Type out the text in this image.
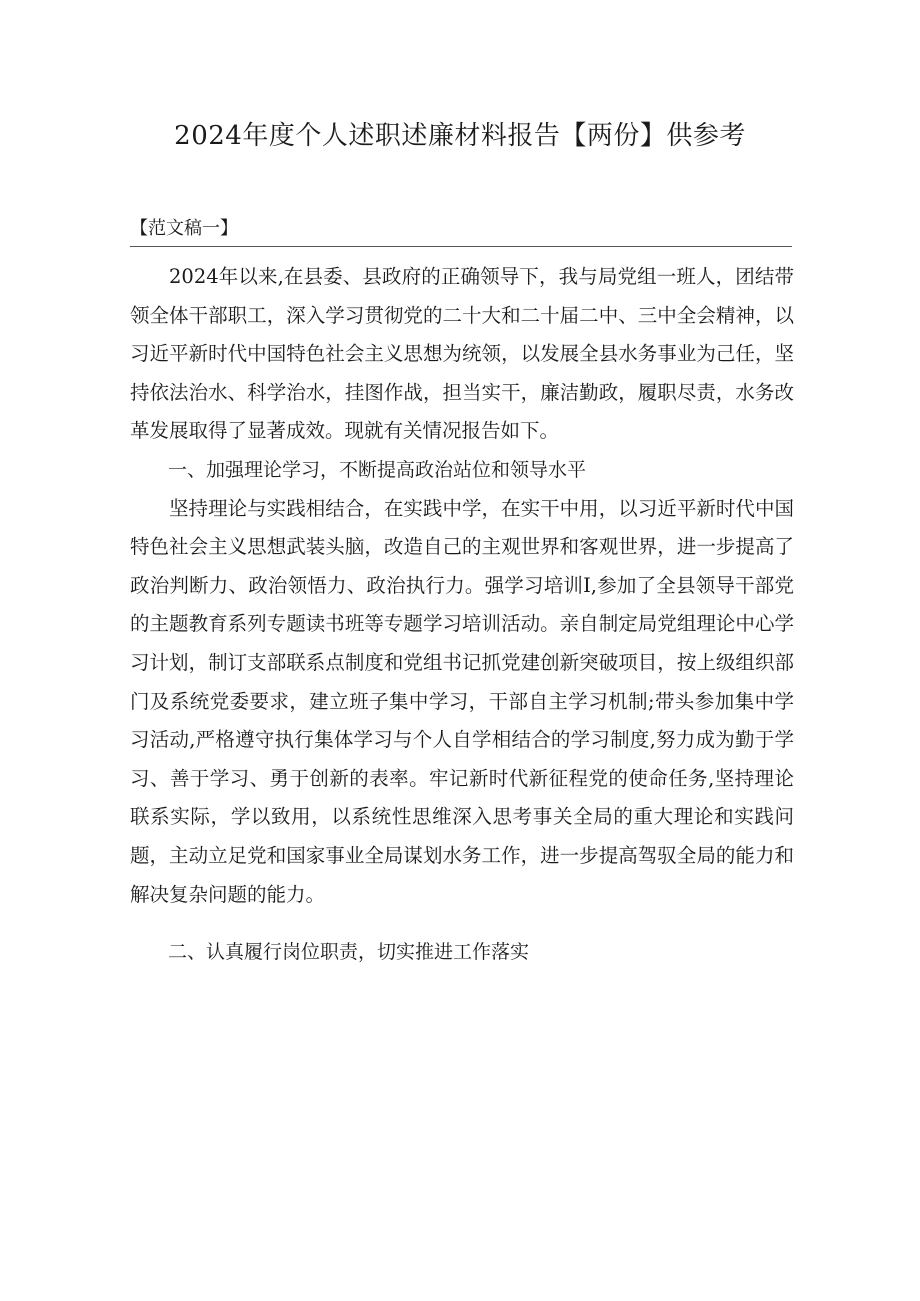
2024年度个人述职述廉材料报告【两份】供参考
【范文稿一】

2024年以来,在县委、县政府的正确领导下，我与局党组一班人，团结带领全体干部职工，深入学习贯彻党的二十大和二十届二中、三中全会精神，以习近平新时代中国特色社会主义思想为统领，以发展全县水务事业为己任，坚持依法治水、科学治水，挂图作战，担当实干，廉洁勤政，履职尽责，水务改革发展取得了显著成效。现就有关情况报告如下。

一、加强理论学习，不断提高政治站位和领导水平

坚持理论与实践相结合，在实践中学，在实干中用，以习近平新时代中国特色社会主义思想武装头脑，改造自己的主观世界和客观世界，进一步提高了政治判断力、政治领悟力、政治执行力。强学习培训I,参加了全县领导干部党的主题教育系列专题读书班等专题学习培训活动。亲自制定局党组理论中心学习计划，制订支部联系点制度和党组书记抓党建创新突破项目，按上级组织部门及系统党委要求，建立班子集中学习，干部自主学习机制;带头参加集中学习活动,严格遵守执行集体学习与个人自学相结合的学习制度,努力成为勤于学习、善于学习、勇于创新的表率。牢记新时代新征程党的使命任务,坚持理论联系实际，学以致用，以系统性思维深入思考事关全局的重大理论和实践问题，主动立足党和国家事业全局谋划水务工作，进一步提高驾驭全局的能力和解决复杂问题的能力。

二、认真履行岗位职责，切实推进工作落实
